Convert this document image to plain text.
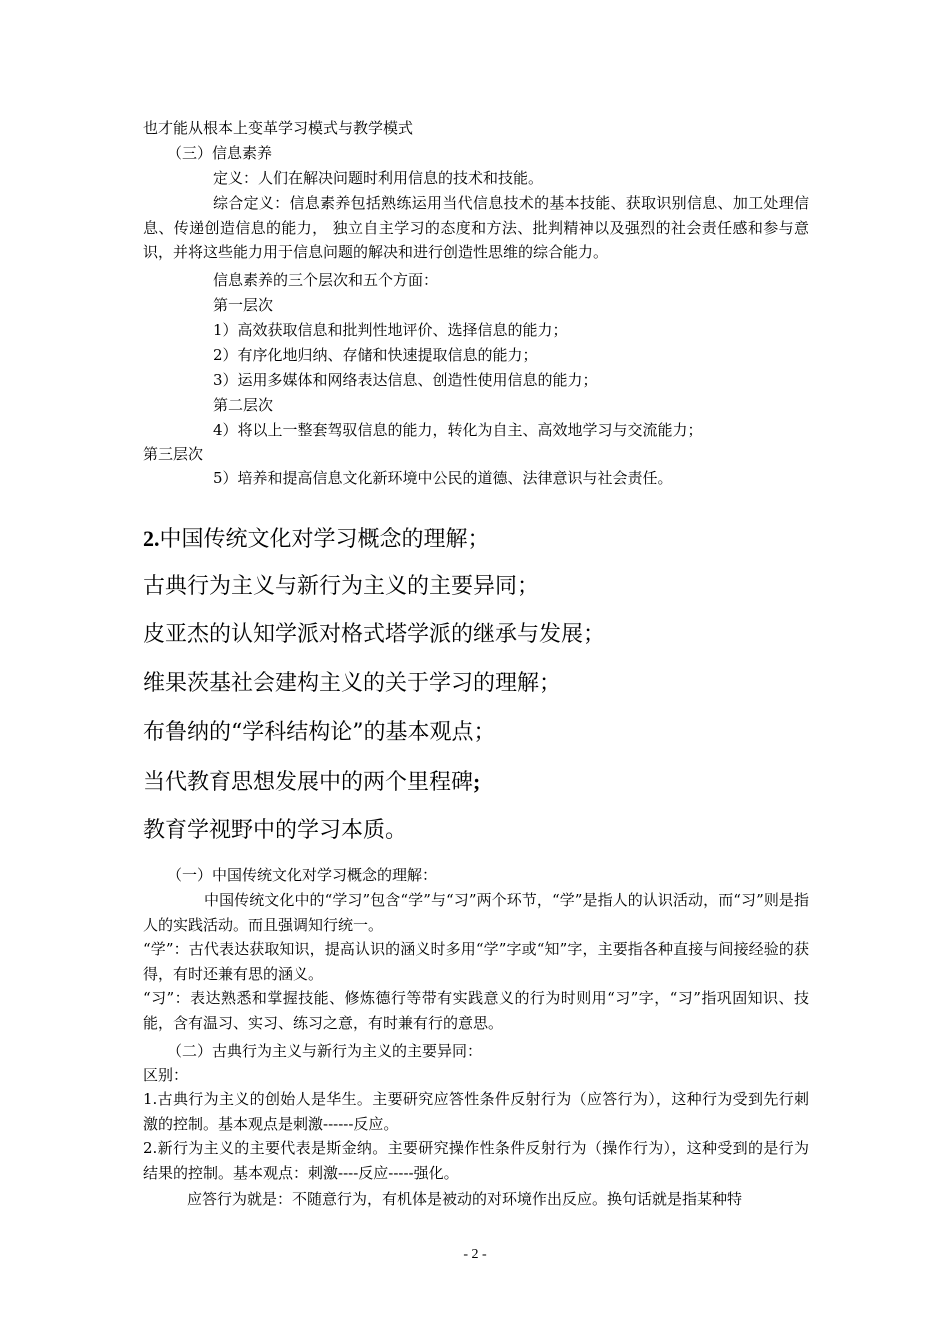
也才能从根本上变革学习模式与教学模式
（三）信息素养
定义：人们在解决问题时利用信息的技术和技能。
综合定义：信息素养包括熟练运用当代信息技术的基本技能、获取识别信息、加工处理信息、传递创造信息的能力， 独立自主学习的态度和方法、批判精神以及强烈的社会责任感和参与意识，并将这些能力用于信息问题的解决和进行创造性思维的综合能力。
信息素养的三个层次和五个方面：
第一层次
1）高效获取信息和批判性地评价、选择信息的能力；
2）有序化地归纳、存储和快速提取信息的能力；
3）运用多媒体和网络表达信息、创造性使用信息的能力；
第二层次
4）将以上一整套驾驭信息的能力，转化为自主、高效地学习与交流能力；
第三层次
5）培养和提高信息文化新环境中公民的道德、法律意识与社会责任。
2.中国传统文化对学习概念的理解；
古典行为主义与新行为主义的主要异同；
皮亚杰的认知学派对格式塔学派的继承与发展；
维果茨基社会建构主义的关于学习的理解；
布鲁纳的“学科结构论”的基本观点；
当代教育思想发展中的两个里程碑;
教育学视野中的学习本质。
（一）中国传统文化对学习概念的理解：
中国传统文化中的“学习”包含“学”与“习”两个环节，“学”是指人的认识活动，而“习”则是指人的实践活动。而且强调知行统一。
“学”：古代表达获取知识，提高认识的涵义时多用“学”字或“知”字，主要指各种直接与间接经验的获得，有时还兼有思的涵义。
“习”：表达熟悉和掌握技能、修炼德行等带有实践意义的行为时则用“习”字，“习”指巩固知识、技能，含有温习、实习、练习之意，有时兼有行的意思。
（二）古典行为主义与新行为主义的主要异同：
区别：
1.古典行为主义的创始人是华生。主要研究应答性条件反射行为（应答行为），这种行为受到先行刺激的控制。基本观点是刺激------反应。
2.新行为主义的主要代表是斯金纳。主要研究操作性条件反射行为（操作行为），这种受到的是行为结果的控制。基本观点：刺激----反应-----强化。
应答行为就是：不随意行为，有机体是被动的对环境作出反应。换句话就是指某种特
- 2 -
